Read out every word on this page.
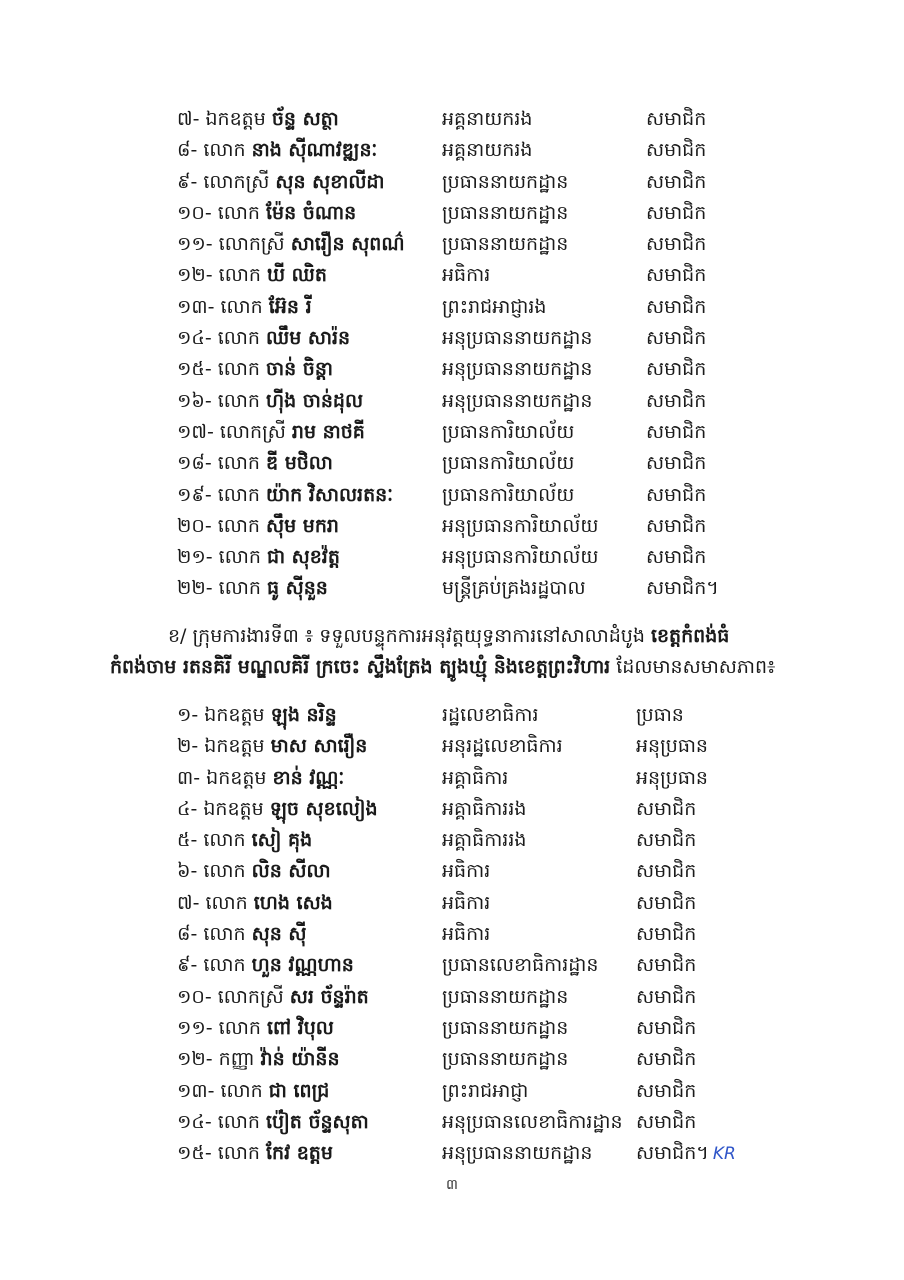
៧- ឯកឧត្តម ច័ន្ទ សត្ថា	អគ្គនាយករង	សមាជិក
៨- លោក នាង ស៊ីណាវឌ្ឍនៈ	អគ្គនាយករង	សមាជិក
៩- លោកស្រី សុន សុខាលីដា	ប្រធាននាយកដ្ឋាន	សមាជិក
១០- លោក ម៉ែន ចំណាន	ប្រធាននាយកដ្ឋាន	សមាជិក
១១- លោកស្រី សារឿន សុពណ៌	ប្រធាននាយកដ្ឋាន	សមាជិក
១២- លោក ឃី ឈិត	អធិការ	សមាជិក
១៣- លោក អ៊ែន រី	ព្រះរាជអាជ្ញារង	សមាជិក
១៤- លោក ឈឹម សារ៉ន	អនុប្រធាននាយកដ្ឋាន	សមាជិក
១៥- លោក ចាន់ ចិន្តា	អនុប្រធាននាយកដ្ឋាន	សមាជិក
១៦- លោក ហ៊ីង ចាន់ដុល	អនុប្រធាននាយកដ្ឋាន	សមាជិក
១៧- លោកស្រី រាម នាថគី	ប្រធានការិយាល័យ	សមាជិក
១៨- លោក ឌី មថិលា	ប្រធានការិយាល័យ	សមាជិក
១៩- លោក យ៉ាក វិសាលរតនៈ	ប្រធានការិយាល័យ	សមាជិក
២០- លោក ស៊ឹម មករា	អនុប្រធានការិយាល័យ	សមាជិក
២១- លោក ជា សុខវ៉ត្ត	អនុប្រធានការិយាល័យ	សមាជិក
២២- លោក ធូ ស៊ីនួន	មន្ត្រីគ្រប់គ្រងរដ្ឋបាល	សមាជិក។
ខ/ ក្រុមការងារទី៣ ៖ ទទួលបន្ទុកការអនុវត្តយុទ្ធនាការនៅសាលាដំបូង ខេត្តកំពង់ធំ កំពង់ចាម រតនគិរី មណ្ឌលគិរី ក្រចេះ ស្ទឹងត្រែង ត្បូងឃ្មុំ និងខេត្តព្រះវិហារ ដែលមានសមាសភាព៖
១- ឯកឧត្តម ឡុង នរិន្ទ	រដ្ឋលេខាធិការ	ប្រធាន
២- ឯកឧត្តម មាស សារឿន	អនុរដ្ឋលេខាធិការ	អនុប្រធាន
៣- ឯកឧត្តម ខាន់ វណ្ណៈ	អគ្គាធិការ	អនុប្រធាន
៤- ឯកឧត្តម ឡុច សុខលៀង	អគ្គាធិការរង	សមាជិក
៥- លោក សៀ គុង	អគ្គាធិការរង	សមាជិក
៦- លោក លិន សីលា	អធិការ	សមាជិក
៧- លោក ហេង សេង	អធិការ	សមាជិក
៨- លោក សុន ស៊ី	អធិការ	សមាជិក
៩- លោក ហួន វណ្ណហាន	ប្រធានលេខាធិការដ្ឋាន	សមាជិក
១០- លោកស្រី សរ ច័ន្ទរ៉ាត	ប្រធាននាយកដ្ឋាន	សមាជិក
១១- លោក ពៅ វិបុល	ប្រធាននាយកដ្ឋាន	សមាជិក
១២- កញ្ញា វ៉ាន់ យ៉ានីន	ប្រធាននាយកដ្ឋាន	សមាជិក
១៣- លោក ជា ពេជ្រ	ព្រះរាជអាជ្ញា	សមាជិក
១៤- លោក ប៉ៀត ច័ន្ទសុតា	អនុប្រធានលេខាធិការដ្ឋាន សមាជិក
១៥- លោក កែវ ឧត្តម	អនុប្រធាននាយកដ្ឋាន	សមាជិក។ KR
៣
